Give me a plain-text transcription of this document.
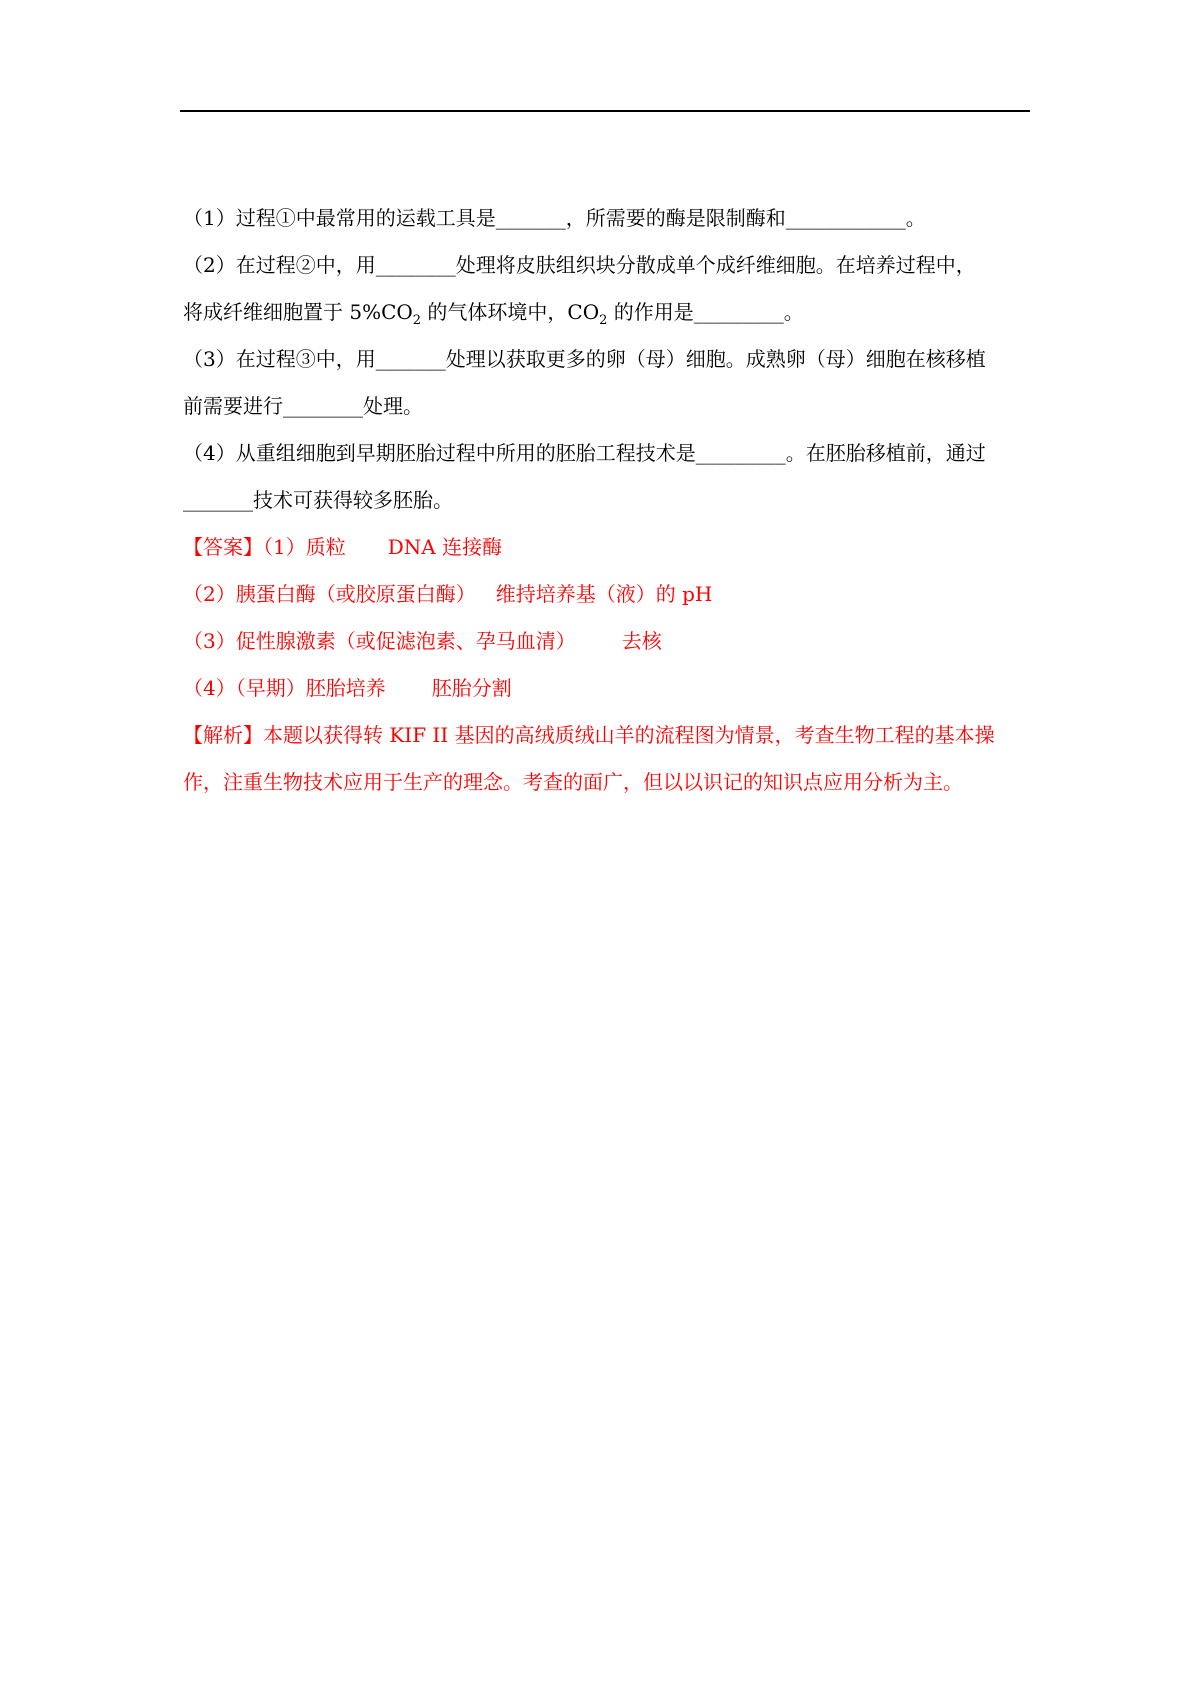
（1）过程①中最常用的运载工具是_______，所需要的酶是限制酶和____________。
（2）在过程②中，用________处理将皮肤组织块分散成单个成纤维细胞。在培养过程中，
将成纤维细胞置于 $5\%CO_2$ 的气体环境中，$CO_2$ 的作用是_________。
（3）在过程③中，用_______处理以获取更多的卵（母）细胞。成熟卵（母）细胞在核移植
前需要进行________处理。
（4）从重组细胞到早期胚胎过程中所用的胚胎工程技术是_________。在胚胎移植前，通过
_______技术可获得较多胚胎。
【答案】（1）质粒 DNA 连接酶
（2）胰蛋白酶（或胶原蛋白酶） 维持培养基（液）的 pH
（3）促性腺激素（或促滤泡素、孕马血清） 去核
（4）（早期）胚胎培养 胚胎分割
【解析】本题以获得转 KIF II 基因的高绒质绒山羊的流程图为情景，考查生物工程的基本操
作，注重生物技术应用于生产的理念。考查的面广，但以以识记的知识点应用分析为主。
